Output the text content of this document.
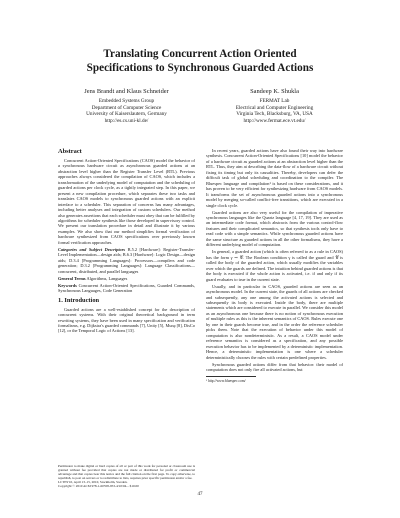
Translating Concurrent Action Oriented
Specifications to Synchronous Guarded Actions
Jens Brandt and Klaus Schneider
Embedded Systems Group
Department of Computer Science
University of Kaiserslautern, Germany
http://es.cs.uni-kl.de/
Sandeep K. Shukla
FERMAT Lab
Electrical and Computer Engineering
Virginia Tech, Blacksburg, VA, USA
http://www.fermat.ece.vt.edu/
Abstract

Concurrent Action-Oriented Specifications (CAOS) model the behavior of a synchronous hardware circuit as asynchronous guarded actions at an abstraction level higher than the Register Transfer Level (RTL). Previous approaches always considered the compilation of CAOS, which includes a transformation of the underlying model of computation and the scheduling of guarded actions per clock cycle, as a tightly integrated step. In this paper, we present a new compilation procedure, which separates these two tasks and translates CAOS models to synchronous guarded actions with an explicit interface to a scheduler. This separation of concerns has many advantages, including better analyses and integration of custom schedulers. Our method also generates assertions that each scheduler must obey that can be fulfilled by algorithms for scheduler synthesis like those developed in supervisory control. We present our translation procedure in detail and illustrate it by various examples. We also show that our method simplifies formal verification of hardware synthesized from CAOS specifications over previously known formal verification approaches.

Categories and Subject Descriptors B.5.2 [Hardware]: Register-Transfer-Level Implementation—design aids; B.6.3 [Hardware]: Logic Design—design aids; D.3.4 [Programming Languages]: Processors—compilers and code generation; D.3.2 [Programming Languages]: Language Classifications—concurrent, distributed, and parallel languages

General Terms Algorithms, Languages

Keywords Concurrent Action-Oriented Specifications, Guarded Commands, Synchronous Languages, Code Generation

1. Introduction

Guarded actions are a well-established concept for the description of concurrent systems. With their original theoretical background in term rewriting systems, they have been used in many specification and verification formalisms, e.g. Dijkstra's guarded commands [7], Unity [5], Murφ [8], DisCo [12], or the Temporal Logic of Actions [13].

Permission to make digital or hard copies of all or part of this work for personal or classroom use is granted without fee provided that copies are not made or distributed for profit or commercial advantage and that copies bear this notice and the full citation on the first page. To copy otherwise, to republish, to post on servers or to redistribute to lists, requires prior specific permission and/or a fee.
LCTES'10, April 13–15, 2010, Stockholm, Sweden.
Copyright © 2010 ACM 978-1-60558-953-4/10/04... $10.00

In recent years, guarded actions have also found their way into hardware synthesis. Concurrent Action-Oriented Specifications [10] model the behavior of a hardware circuit as guarded actions at an abstraction level higher than the RTL. Thus, they aim at describing the data-flow of a hardware circuit without fixing its timing but only its causalities. Thereby, developers can defer the difficult task of global scheduling and coordination to the compiler. The Bluespec language and compilation¹ is based on these considerations, and it has proven to be very efficient for synthesizing hardware from CAOS models. It transforms the set of asynchronous guarded actions into a synchronous model by merging so-called conflict-free transitions, which are executed in a single clock cycle.

Guarded actions are also very useful for the compilation of imperative synchronous languages like the Quartz language [4, 17, 19]. They are used as an intermediate code format, which abstracts from the various control-flow features and their complicated semantics, so that synthesis tools only have to read code with a simple semantics. While synchronous guarded actions have the same structure as guarded actions in all the other formalisms, they have a different underlying model of computation.

In general, a guarded action (which is often referred to as a rule in CAOS) has the form γ ⇒ 𝒞. The Boolean condition γ is called the guard and 𝒞 is called the body of the guarded action, which usually modifies the variables over which the guards are defined. The intuition behind guarded actions is that the body is executed if the whole action is activated, i.e. if and only if its guard evaluates to true in the current state.

Usually, and in particular in CAOS, guarded actions are seen as an asynchronous model. In the current state, the guards of all actions are checked and subsequently, any one among the activated actions is selected and subsequently its body is executed. Inside the body, there are multiple statements which are considered to execute in parallel. We consider this model as an asynchronous one because there is no notion of synchronous execution of multiple rules as this is the inherent semantics of CAOS. Rules execute one by one in their guards become true, and in the order the reference scheduler picks them. Note that the execution of behavior under this model of computation is also nondeterministic. As a result, a CAOS model under reference semantics is considered as a specification, and any possible execution behavior has to be implemented by a deterministic implementation. Hence, a deterministic implementation is one where a scheduler deterministically chooses the rules with certain predefined properties.

Synchronous guarded actions differ from that behavior: their model of computation does not only fire all activated actions, but

¹ http://www.bluespec.com/
47
